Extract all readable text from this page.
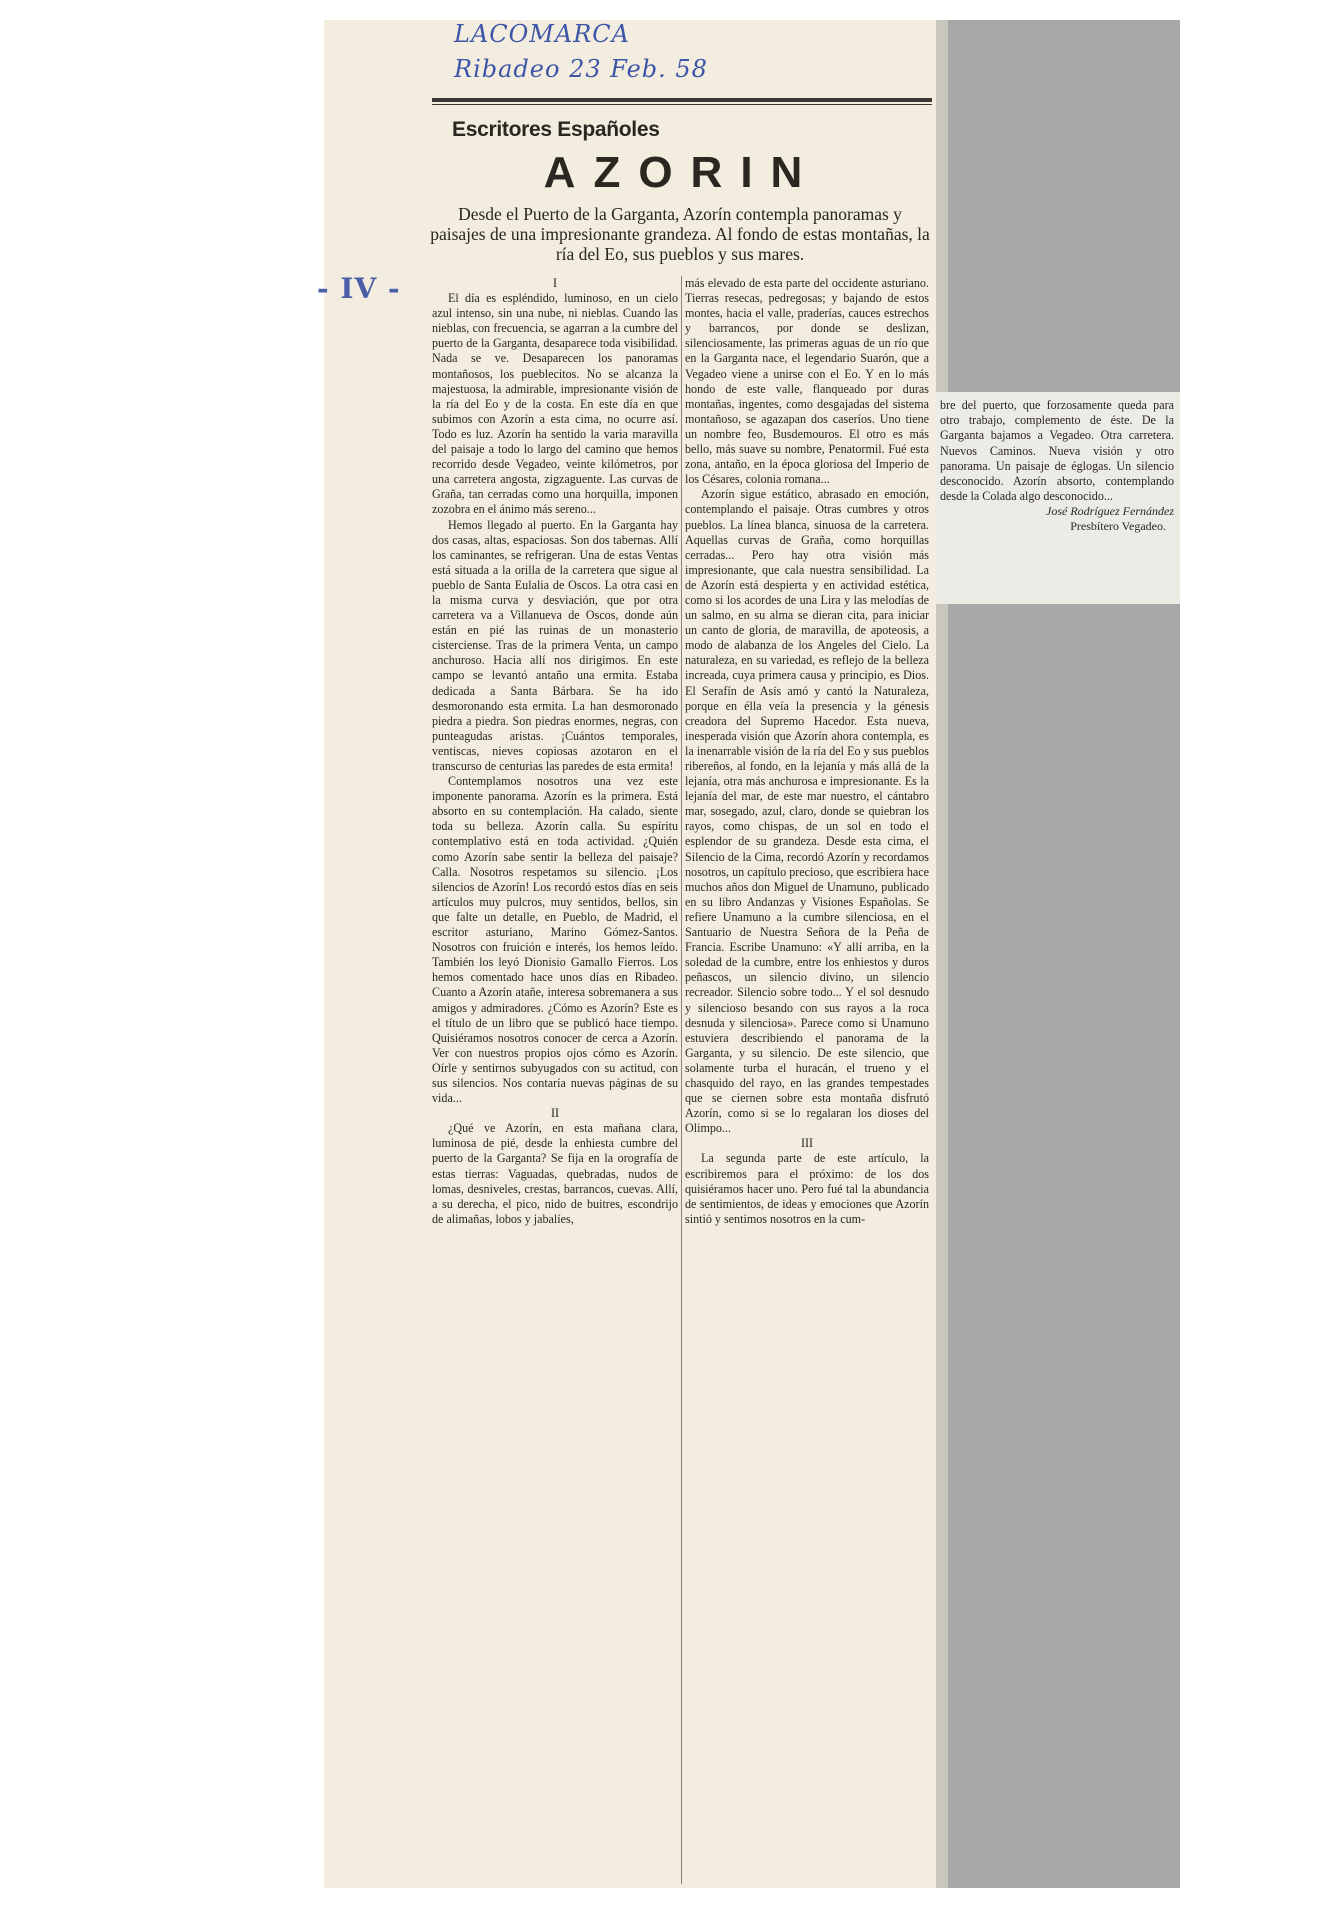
LACOMARCA
Ribadeo 23 Feb. 58
- IV -
Escritores Españoles
AZORIN
Desde el Puerto de la Garganta, Azorín contempla panoramas y paisajes de una impresionante grandeza. Al fondo de estas montañas, la ría del Eo, sus pueblos y sus mares.

I

El día es espléndido, luminoso, en un cielo azul intenso, sin una nube, ni nieblas. Cuando las nieblas, con frecuencia, se agarran a la cumbre del puerto de la Garganta, desaparece toda visibilidad. Nada se ve. Desaparecen los panoramas montañosos, los pueblecitos. No se alcanza la majestuosa, la admirable, impresionante visión de la ría del Eo y de la costa. En este día en que subimos con Azorín a esta cima, no ocurre así. Todo es luz. Azorín ha sentido la varia maravilla del paisaje a todo lo largo del camino que hemos recorrido desde Vegadeo, veinte kilómetros, por una carretera angosta, zigzaguente. Las curvas de Graña, tan cerradas como una horquilla, imponen zozobra en el ánimo más sereno...

Hemos llegado al puerto. En la Garganta hay dos casas, altas, espaciosas. Son dos tabernas. Allí los caminantes, se refrigeran. Una de estas Ventas está situada a la orilla de la carretera que sigue al pueblo de Santa Eulalia de Oscos. La otra casi en la misma curva y desviación, que por otra carretera va a Villanueva de Oscos, donde aún están en pié las ruinas de un monasterio cisterciense. Tras de la primera Venta, un campo anchuroso. Hacia allí nos dirigimos. En este campo se levantó antaño una ermita. Estaba dedicada a Santa Bárbara. Se ha ido desmoronando esta ermita. La han desmoronado piedra a piedra. Son piedras enormes, negras, con punteagudas aristas. ¡Cuántos temporales, ventiscas, nieves copiosas azotaron en el transcurso de centurias las paredes de esta ermita!

Contemplamos nosotros una vez este imponente panorama. Azorín es la primera. Está absorto en su contemplación. Ha calado, siente toda su belleza. Azorín calla. Su espíritu contemplativo está en toda actividad. ¿Quién como Azorín sabe sentir la belleza del paisaje? Calla. Nosotros respetamos su silencio. ¡Los silencios de Azorín! Los recordó estos días en seis artículos muy pulcros, muy sentidos, bellos, sin que falte un detalle, en Pueblo, de Madrid, el escritor asturiano, Marino Gómez-Santos. Nosotros con fruición e interés, los hemos leído. También los leyó Dionisio Gamallo Fierros. Los hemos comentado hace unos días en Ribadeo. Cuanto a Azorín atañe, interesa sobremanera a sus amigos y admiradores. ¿Cómo es Azorín? Este es el título de un libro que se publicó hace tiempo. Quisiéramos nosotros conocer de cerca a Azorín. Ver con nuestros propios ojos cómo es Azorín. Oírle y sentirnos subyugados con su actitud, con sus silencios. Nos contaría nuevas páginas de su vida...

II

¿Qué ve Azorín, en esta mañana clara, luminosa de pié, desde la enhiesta cumbre del puerto de la Garganta? Se fija en la orografía de estas tierras: Vaguadas, quebradas, nudos de lomas, desniveles, crestas, barrancos, cuevas. Allí, a su derecha, el pico, nido de buitres, escondrijo de alimañas, lobos y jabalíes,

más elevado de esta parte del occidente asturiano. Tierras resecas, pedregosas; y bajando de estos montes, hacia el valle, praderías, cauces estrechos y barrancos, por donde se deslizan, silenciosamente, las primeras aguas de un río que en la Garganta nace, el legendario Suarón, que a Vegadeo viene a unirse con el Eo. Y en lo más hondo de este valle, flanqueado por duras montañas, ingentes, como desgajadas del sistema montañoso, se agazapan dos caseríos. Uno tiene un nombre feo, Busdemouros. El otro es más bello, más suave su nombre, Penatormil. Fué esta zona, antaño, en la época gloriosa del Imperio de los Césares, colonia romana...

Azorín sigue estático, abrasado en emoción, contemplando el paisaje. Otras cumbres y otros pueblos. La línea blanca, sinuosa de la carretera. Aquellas curvas de Graña, como horquillas cerradas... Pero hay otra visión más impresionante, que cala nuestra sensibilidad. La de Azorín está despierta y en actividad estética, como si los acordes de una Lira y las melodías de un salmo, en su alma se dieran cita, para iniciar un canto de gloria, de maravilla, de apoteosis, a modo de alabanza de los Angeles del Cielo. La naturaleza, en su variedad, es reflejo de la belleza increada, cuya primera causa y principio, es Dios. El Serafín de Asís amó y cantó la Naturaleza, porque en élla veía la presencia y la génesis creadora del Supremo Hacedor. Esta nueva, inesperada visión que Azorín ahora contempla, es la inenarrable visión de la ría del Eo y sus pueblos ribereños, al fondo, en la lejanía y más allá de la lejanía, otra más anchurosa e impresionante. Es la lejanía del mar, de este mar nuestro, el cántabro mar, sosegado, azul, claro, donde se quiebran los rayos, como chispas, de un sol en todo el esplendor de su grandeza. Desde esta cima, el Silencio de la Cima, recordó Azorín y recordamos nosotros, un capítulo precioso, que escribiera hace muchos años don Miguel de Unamuno, publicado en su libro Andanzas y Visiones Españolas. Se refiere Unamuno a la cumbre silenciosa, en el Santuario de Nuestra Señora de la Peña de Francia. Escribe Unamuno: «Y allí arriba, en la soledad de la cumbre, entre los enhiestos y duros peñascos, un silencio divino, un silencio recreador. Silencio sobre todo... Y el sol desnudo y silencioso besando con sus rayos a la roca desnuda y silenciosa». Parece como si Unamuno estuviera describiendo el panorama de la Garganta, y su silencio. De este silencio, que solamente turba el huracán, el trueno y el chasquido del rayo, en las grandes tempestades que se ciernen sobre esta montaña disfrutó Azorín, como si se lo regalaran los dioses del Olimpo...

III

La segunda parte de este artículo, la escribiremos para el próximo: de los dos quisiéramos hacer uno. Pero fué tal la abundancia de sentimientos, de ideas y emociones que Azorín sintió y sentimos nosotros en la cum-

bre del puerto, que forzosamente queda para otro trabajo, complemento de éste. De la Garganta bajamos a Vegadeo. Otra carretera. Nuevos Caminos. Nueva visión y otro panorama. Un paisaje de églogas. Un silencio desconocido. Azorín absorto, contemplando desde la Colada algo desconocido...

José Rodríguez Fernández
Presbítero Vegadeo.
